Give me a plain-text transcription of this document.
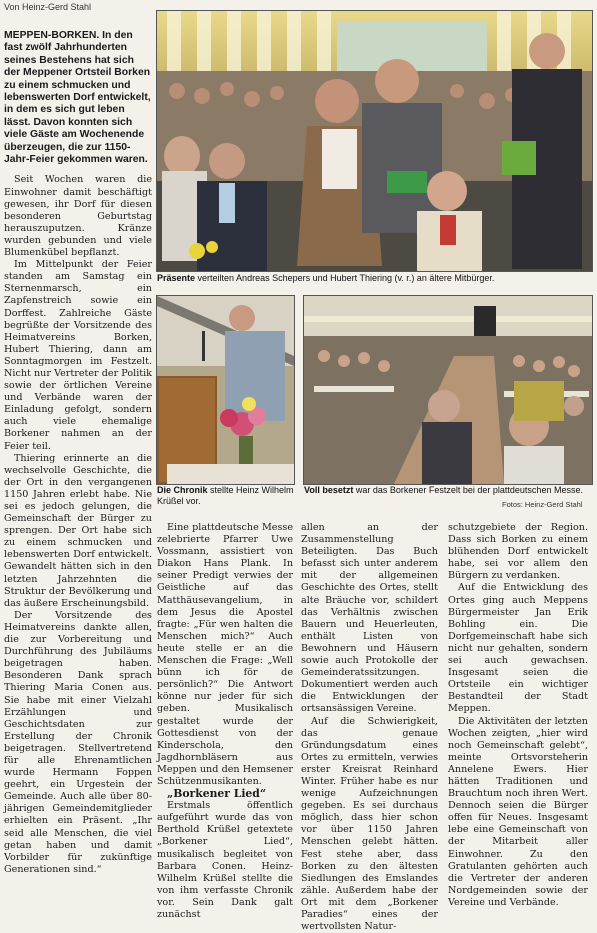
Von Heinz-Gerd Stahl

MEPPEN-BORKEN. In den fast zwölf Jahrhunderten seines Bestehens hat sich der Meppener Ortsteil Borken zu einem schmucken und lebenswerten Dorf entwickelt, in dem es sich gut leben lässt. Davon konnten sich viele Gäste am Wochenende überzeugen, die zur 1150-Jahr-Feier gekommen waren.

Seit Wochen waren die Einwohner damit beschäftigt gewesen, ihr Dorf für diesen besonderen Geburtstag herauszuputzen. Kränze wurden gebunden und viele Blumenkübel bepflanzt.

Im Mittelpunkt der Feier standen am Samstag ein Sternenmarsch, ein Zapfenstreich sowie ein Dorffest. Zahlreiche Gäste begrüßte der Vorsitzende des Heimatvereins Borken, Hubert Thiering, dann am Sonntagmorgen im Festzelt. Nicht nur Vertreter der Politik sowie der örtlichen Vereine und Verbände waren der Einladung gefolgt, sondern auch viele ehemalige Borkener nahmen an der Feier teil.

Thiering erinnerte an die wechselvolle Geschichte, die der Ort in den vergangenen 1150 Jahren erlebt habe. Nie sei es jedoch gelungen, die Gemeinschaft der Bürger zu sprengen. Der Ort habe sich zu einem schmucken und lebenswerten Dorf entwickelt. Gewandelt hätten sich in den letzten Jahrzehnten die Struktur der Bevölkerung und das äußere Erscheinungsbild.

Der Vorsitzende des Heimatvereins dankte allen, die zur Vorbereitung und Durchführung des Jubiläums beigetragen haben. Besonderen Dank sprach Thiering Maria Conen aus. Sie habe mit einer Vielzahl Erzählungen und Geschichtsdaten zur Erstellung der Chronik beigetragen. Stellvertretend für alle Ehrenamtlichen wurde Hermann Foppen geehrt, ein Urgestein der Gemeinde. Auch alle über 80-jährigen Gemeindemitglieder erhielten ein Präsent. „Ihr seid alle Menschen, die viel getan haben und damit Vorbilder für zukünftige Generationen sind.“

Präsente verteilten Andreas Schepers und Hubert Thiering (v. r.) an ältere Mitbürger.
Die Chronik stellte Heinz Wilhelm Krüßel vor.
Voll besetzt war das Borkener Festzelt bei der plattdeutschen Messe.
Fotos: Heinz-Gerd Stahl

Eine plattdeutsche Messe zelebrierte Pfarrer Uwe Vossmann, assistiert von Diakon Hans Plank. In seiner Predigt verwies der Geistliche auf das Matthäusevangelium, in dem Jesus die Apostel fragte: „Für wen halten die Menschen mich?“ Auch heute stelle er an die Menschen die Frage: „Well bünn ich för de persönlich?“ Die Antwort könne nur jeder für sich geben. Musikalisch gestaltet wurde der Gottesdienst von der Kinderschola, den Jagdhornbläsern aus Meppen und den Hemsener Schützenmusikanten.

„Borkener Lied“

Erstmals öffentlich aufgeführt wurde das von Berthold Krüßel getextete „Borkener Lied“, musikalisch begleitet von Barbara Conen. Heinz-Wilhelm Krüßel stellte die von ihm verfasste Chronik vor. Sein Dank galt zunächst

allen an der Zusammenstellung Beteiligten. Das Buch befasst sich unter anderem mit der allgemeinen Geschichte des Ortes, stellt alte Bräuche vor, schildert das Verhältnis zwischen Bauern und Heuerleuten, enthält Listen von Bewohnern und Häusern sowie auch Protokolle der Gemeinderatssitzungen. Dokumentiert werden auch die Entwicklungen der ortsansässigen Vereine.

Auf die Schwierigkeit, das genaue Gründungsdatum eines Ortes zu ermitteln, verwies erster Kreisrat Reinhard Winter. Früher habe es nur wenige Aufzeichnungen gegeben. Es sei durchaus möglich, dass hier schon vor über 1150 Jahren Menschen gelebt hätten. Fest stehe aber, dass Borken zu den ältesten Siedlungen des Emslandes zähle. Außerdem habe der Ort mit dem „Borkener Paradies“ eines der wertvollsten Natur-

schutzgebiete der Region. Dass sich Borken zu einem blühenden Dorf entwickelt habe, sei vor allem den Bürgern zu verdanken.

Auf die Entwicklung des Ortes ging auch Meppens Bürgermeister Jan Erik Bohling ein. Die Dorfgemeinschaft habe sich nicht nur gehalten, sondern sei auch gewachsen. Insgesamt seien die Ortsteile ein wichtiger Bestandteil der Stadt Meppen.

Die Aktivitäten der letzten Wochen zeigten, „hier wird noch Gemeinschaft gelebt“, meinte Ortsvorsteherin Annelene Ewers. Hier hätten Traditionen und Brauchtum noch ihren Wert. Dennoch seien die Bürger offen für Neues. Insgesamt lebe eine Gemeinschaft von der Mitarbeit aller Einwohner. Zu den Gratulanten gehörten auch die Vertreter der anderen Nordgemeinden sowie der Vereine und Verbände.
